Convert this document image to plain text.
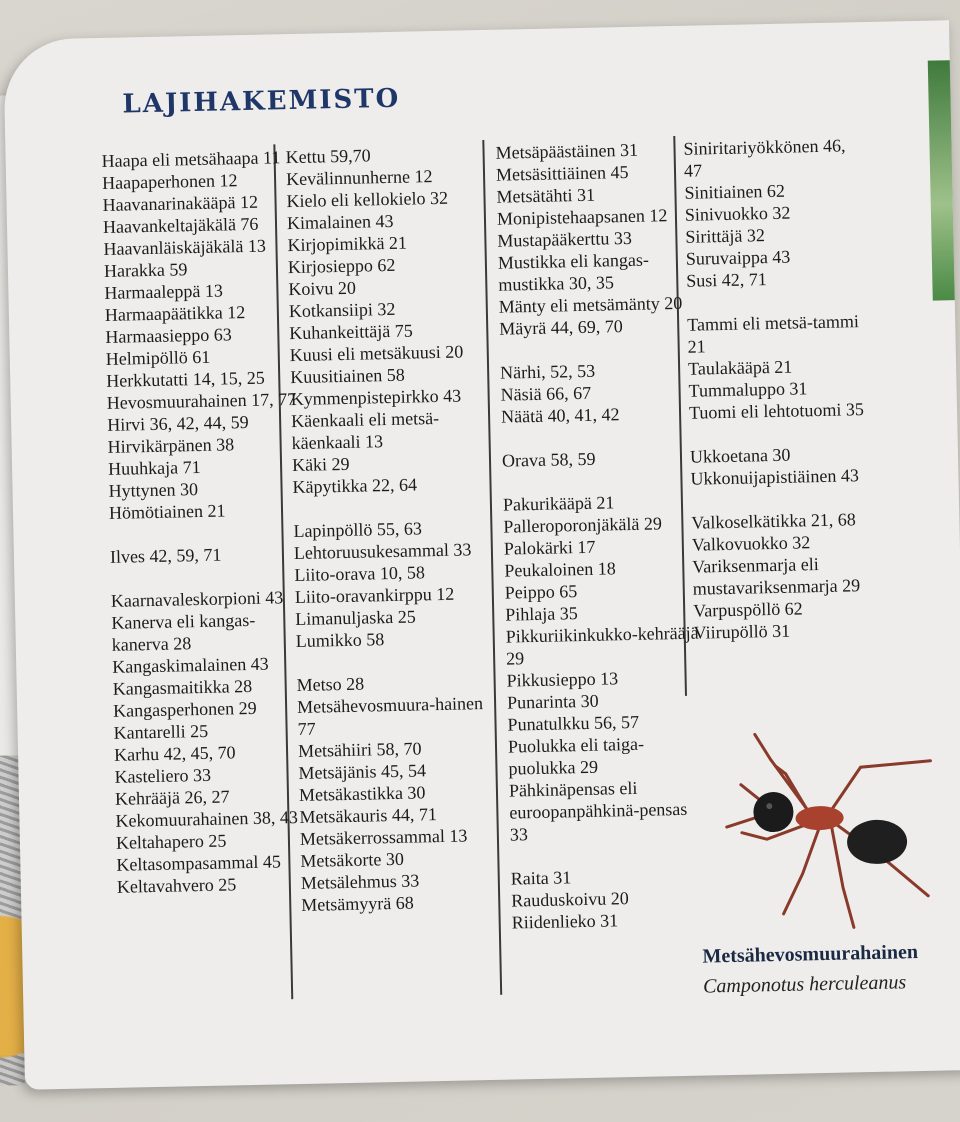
LAJIHAKEMISTO
Haapa eli metsähaapa 11
Haapaperhonen 12
Haavanarinakääpä 12
Haavankeltajäkälä 76
Haavanläiskäjäkälä 13
Harakka 59
Harmaaleppä 13
Harmaapäätikka 12
Harmaasieppo 63
Helmipöllö 61
Herkkutatti 14, 15, 25
Hevosmuurahainen 17, 77
Hirvi 36, 42, 44, 59
Hirvikärpänen 38
Huuhkaja 71
Hyttynen 30
Hömötiainen 21
Ilves 42, 59, 71
Kaarnavaleskorpioni 43
Kanerva eli kangas-kanerva 28
Kangaskimalainen 43
Kangasmaitikka 28
Kangasperhonen 29
Kantarelli 25
Karhu 42, 45, 70
Kasteliero 33
Kehrääjä 26, 27
Kekomuurahainen 38, 43
Keltahapero 25
Keltasompasammal 45
Keltavahvero 25
Kettu 59,70
Kevälinnunherne 12
Kielo eli kellokielo 32
Kimalainen 43
Kirjopimikkä 21
Kirjosieppo 62
Koivu 20
Kotkansiipi 32
Kuhankeittäjä 75
Kuusi eli metsäkuusi 20
Kuusitiainen 58
Kymmenpistepirkko 43
Käenkaali eli metsä-käenkaali 13
Käki 29
Käpytikka 22, 64
Lapinpöllö 55, 63
Lehtoruusukesammal 33
Liito-orava 10, 58
Liito-oravankirppu 12
Limanuljaska 25
Lumikko 58
Metso 28
Metsähevosmuura-hainen 77
Metsähiiri 58, 70
Metsäjänis 45, 54
Metsäkastikka 30
Metsäkauris 44, 71
Metsäkerrossammal 13
Metsäkorte 30
Metsälehmus 33
Metsämyyrä 68
Metsäpäästäinen 31
Metsäsittiäinen 45
Metsätähti 31
Monipistehaapsanen 12
Mustapääkerttu 33
Mustikka eli kangas-mustikka 30, 35
Mänty eli metsämänty 20
Mäyrä 44, 69, 70
Närhi, 52, 53
Näsiä 66, 67
Näätä 40, 41, 42
Orava 58, 59
Pakurikääpä 21
Palleroporonjäkälä 29
Palokärki 17
Peukaloinen 18
Peippo 65
Pihlaja 35
Pikkuriikinkukko-kehrääjä 29
Pikkusieppo 13
Punarinta 30
Punatulkku 56, 57
Puolukka eli taiga-puolukka 29
Pähkinäpensas eli euroopanpähkinä-pensas 33
Raita 31
Rauduskoivu 20
Riidenlieko 31
Siniritariyökkönen 46, 47
Sinitiainen 62
Sinivuokko 32
Sirittäjä 32
Suruvaippa 43
Susi 42, 71
Tammi eli metsä-tammi 21
Taulakääpä 21
Tummaluppo 31
Tuomi eli lehtotuomi 35
Ukkoetana 30
Ukkonuijapistiäinen 43
Valkoselkätikka 21, 68
Valkovuokko 32
Variksenmarja eli mustavariksenmarja 29
Varpuspöllö 62
Viirupöllö 31
Metsähevosmuurahainen
Camponotus herculeanus
